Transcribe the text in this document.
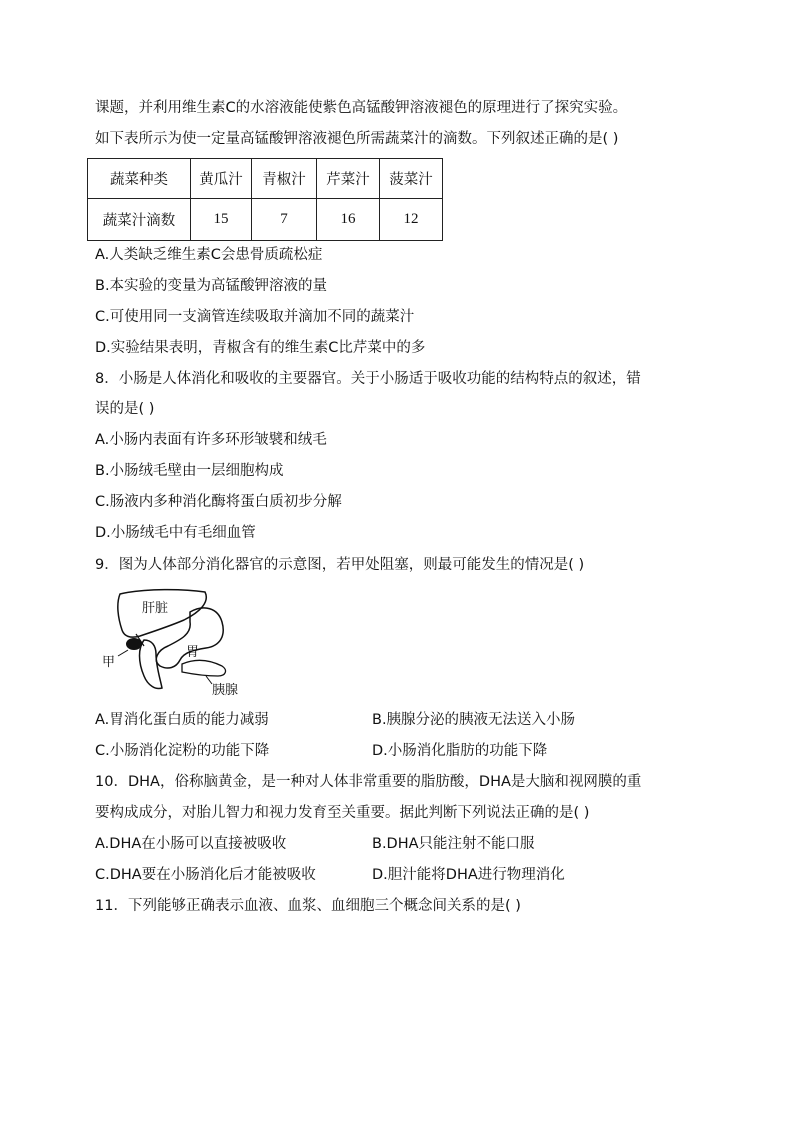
课题，并利用维生素C的水溶液能使紫色高锰酸钾溶液褪色的原理进行了探究实验。
如下表所示为使一定量高锰酸钾溶液褪色所需蔬菜汁的滴数。下列叙述正确的是( )
蔬菜种类	黄瓜汁	青椒汁	芹菜汁	菠菜汁
蔬菜汁滴数	15	7	16	12
A.人类缺乏维生素C会患骨质疏松症
B.本实验的变量为高锰酸钾溶液的量
C.可使用同一支滴管连续吸取并滴加不同的蔬菜汁
D.实验结果表明，青椒含有的维生素C比芹菜中的多
8．小肠是人体消化和吸收的主要器官。关于小肠适于吸收功能的结构特点的叙述，错
误的是( )
A.小肠内表面有许多环形皱襞和绒毛
B.小肠绒毛壁由一层细胞构成
C.肠液内多种消化酶将蛋白质初步分解
D.小肠绒毛中有毛细血管
9．图为人体部分消化器官的示意图，若甲处阻塞，则最可能发生的情况是( )
肝脏
胃
甲
胰腺
A.胃消化蛋白质的能力减弱	B.胰腺分泌的胰液无法送入小肠
C.小肠消化淀粉的功能下降	D.小肠消化脂肪的功能下降
10．DHA，俗称脑黄金，是一种对人体非常重要的脂肪酸，DHA是大脑和视网膜的重
要构成成分，对胎儿智力和视力发育至关重要。据此判断下列说法正确的是( )
A.DHA在小肠可以直接被吸收	B.DHA只能注射不能口服
C.DHA要在小肠消化后才能被吸收	D.胆汁能将DHA进行物理消化
11．下列能够正确表示血液、血浆、血细胞三个概念间关系的是( )
